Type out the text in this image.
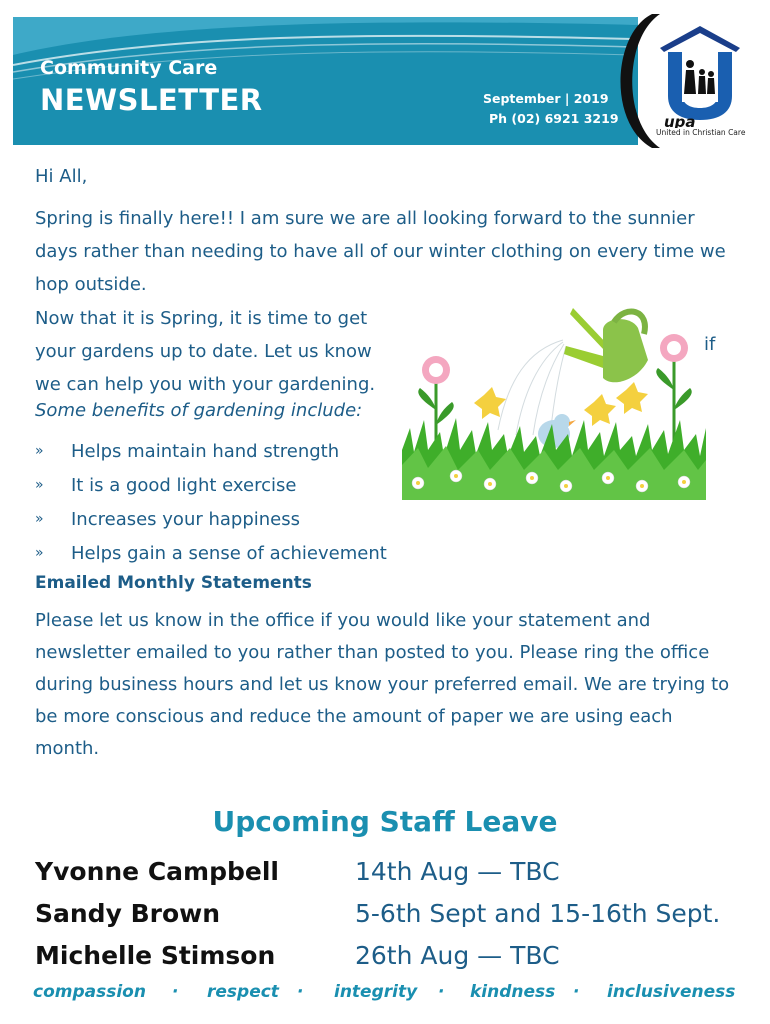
Community Care
NEWSLETTER	September | 2019
Ph (02) 6921 3219	upa
United in Christian Care
Hi All,
Spring is finally here!! I am sure we are all looking forward to the sunnier days rather than needing to have all of our winter clothing on every time we hop outside.
Now that it is Spring, it is time to get your gardens up to date. Let us know
we can help you with your gardening.
if
Some benefits of gardening include:
»	Helps maintain hand strength
»	It is a good light exercise
»	Increases your happiness
»	Helps gain a sense of achievement
Emailed Monthly Statements
Please let us know in the office if you would like your statement and newsletter emailed to you rather than posted to you. Please ring the office during business hours and let us know your preferred email. We are trying to be more conscious and reduce the amount of paper we are using each month.
Upcoming Staff Leave
Yvonne Campbell	14th Aug — TBC
Sandy Brown	5-6th Sept and 15-16th Sept.
Michelle Stimson	26th Aug — TBC
compassion · respect · integrity · kindness · inclusiveness
